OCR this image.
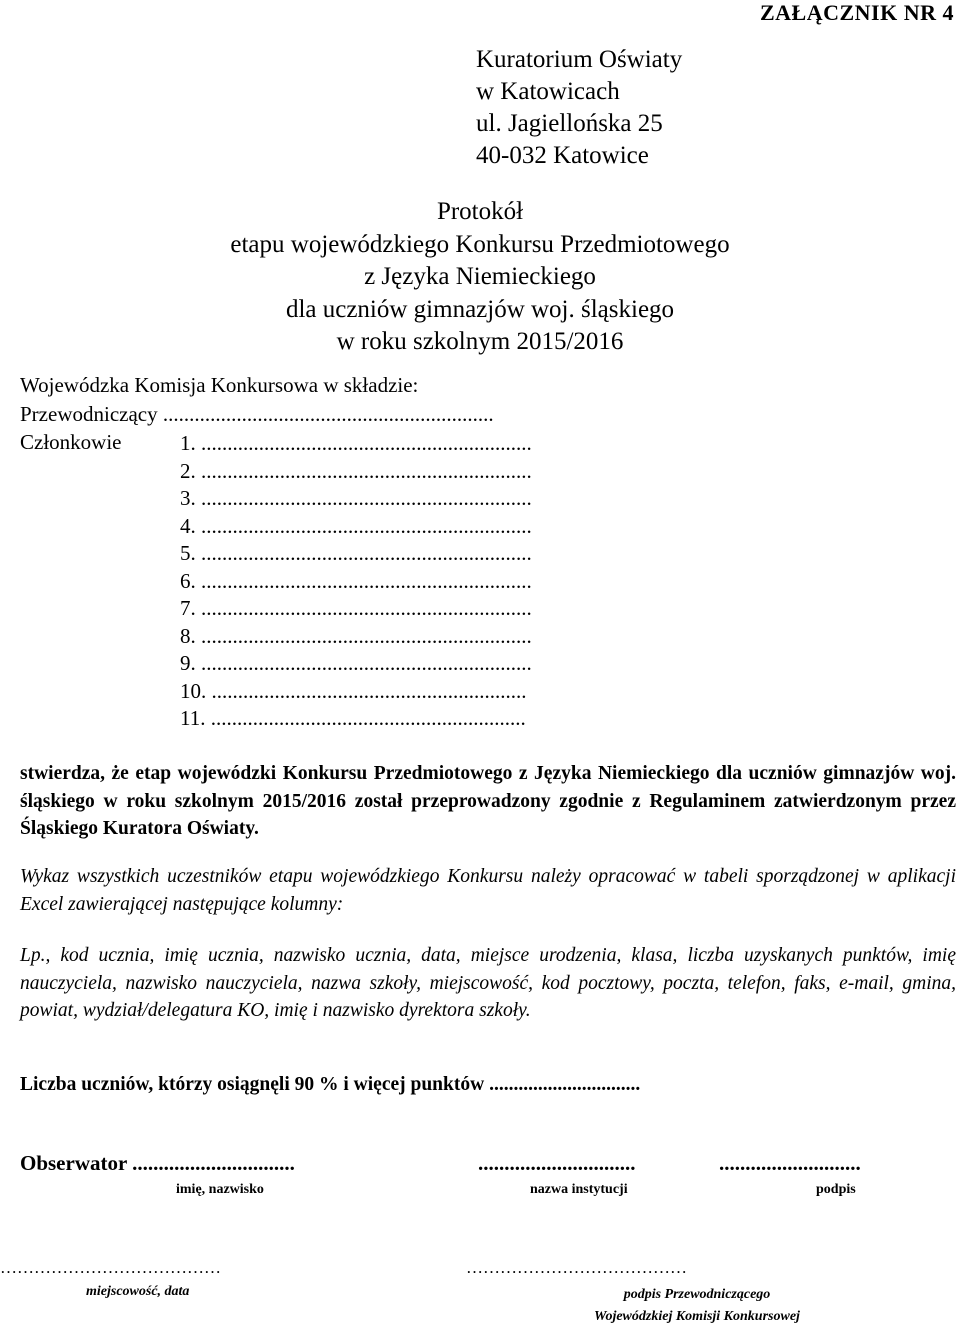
ZAŁĄCZNIK NR 4
Kuratorium Oświaty
w Katowicach
ul. Jagiellońska 25
40-032 Katowice
Protokół
etapu wojewódzkiego Konkursu Przedmiotowego
z Języka Niemieckiego
dla uczniów gimnazjów woj. śląskiego
w roku szkolnym 2015/2016
Wojewódzka Komisja Konkursowa w składzie:
Przewodniczący ...............................................................
Członkowie	1. ...............................................................
2. ...............................................................
3. ...............................................................
4. ...............................................................
5. ...............................................................
6. ...............................................................
7. ...............................................................
8. ...............................................................
9. ...............................................................
10. ............................................................
11. ............................................................
stwierdza, że etap wojewódzki Konkursu Przedmiotowego z Języka Niemieckiego dla uczniów gimnazjów woj. śląskiego w roku szkolnym 2015/2016 został przeprowadzony zgodnie z Regulaminem zatwierdzonym przez Śląskiego Kuratora Oświaty.
Wykaz wszystkich uczestników etapu wojewódzkiego Konkursu należy opracować w tabeli sporządzonej w aplikacji Excel zawierającej następujące kolumny:
Lp., kod ucznia, imię ucznia, nazwisko ucznia, data, miejsce urodzenia, klasa, liczba uzyskanych punktów, imię nauczyciela, nazwisko nauczyciela, nazwa szkoły, miejscowość, kod pocztowy, poczta, telefon, faks, e-mail, gmina, powiat, wydział/delegatura KO, imię i nazwisko dyrektora szkoły.
Liczba uczniów, którzy osiągnęli 90 % i więcej punktów ...............................
Obserwator ...............................	..............................	...........................
imię, nazwisko	nazwa instytucji	podpis
…………………………………	…………………………………
miejscowość, data	podpis Przewodniczącego
Wojewódzkiej Komisji Konkursowej
